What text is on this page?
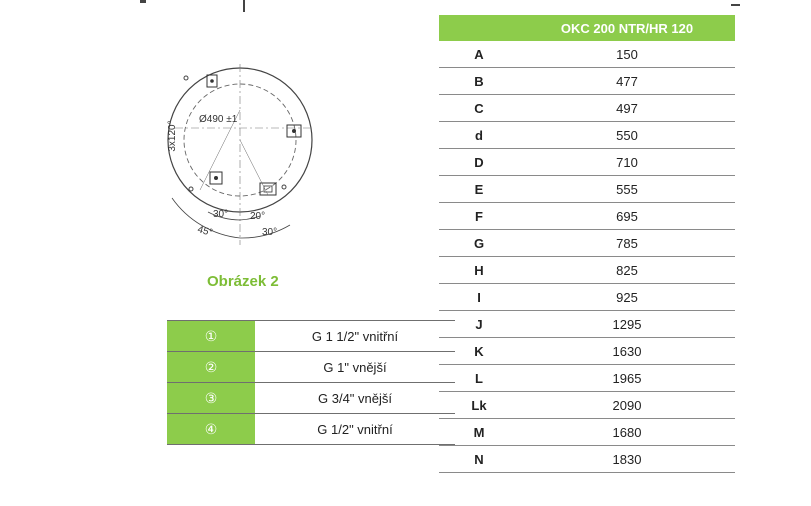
3x120°
Ø490 ±1
30° 20°
45°	30°
Obrázek 2
①	G 1 1/2" vnitřní
②	G 1" vnější
③	G 3/4" vnější
④	G 1/2" vnitřní
	OKC 200 NTR/HR 120
A	150
B	477
C	497
d	550
D	710
E	555
F	695
G	785
H	825
I	925
J	1295
K	1630
L	1965
Lk	2090
M	1680
N	1830
